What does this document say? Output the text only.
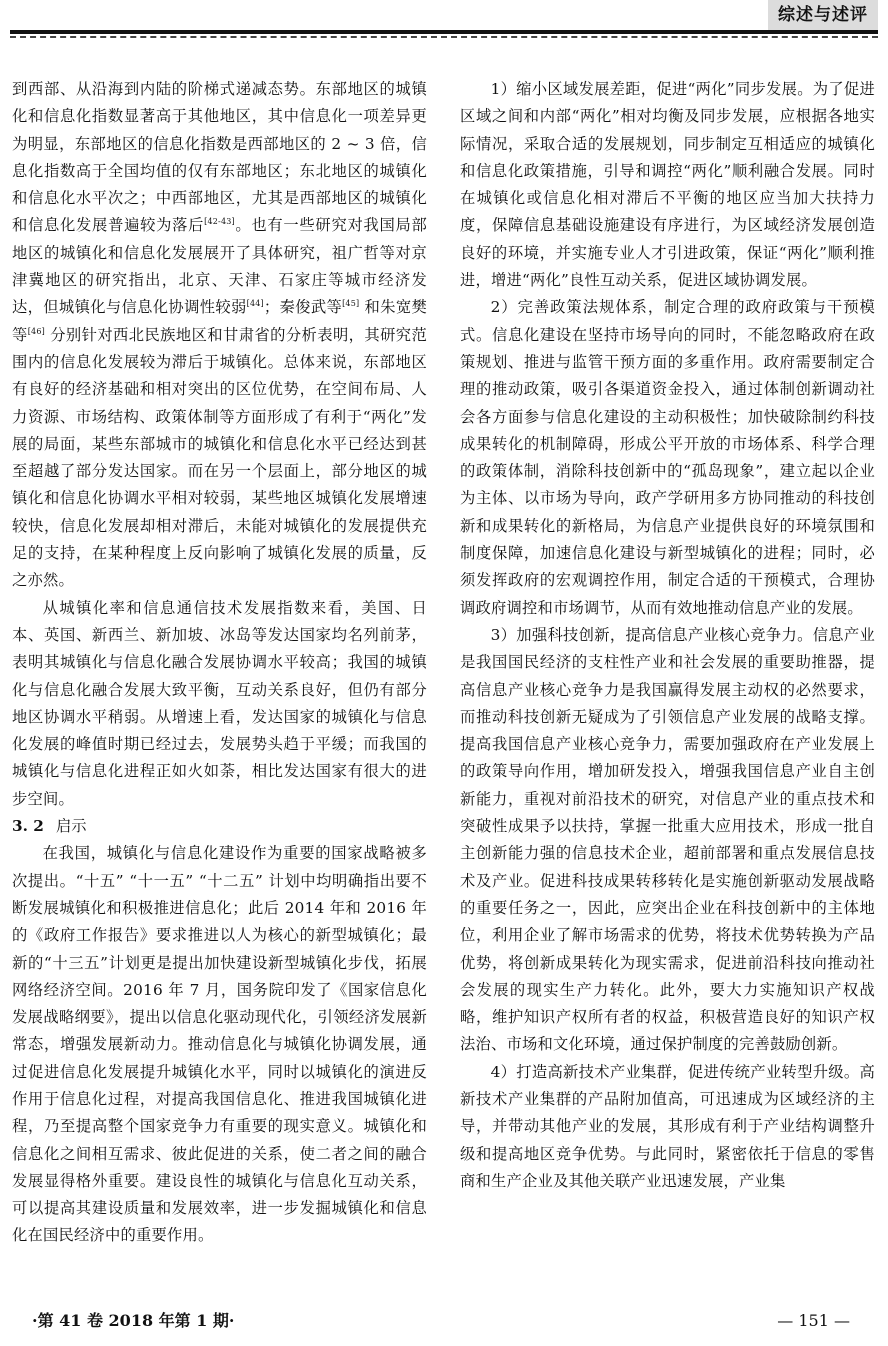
综述与述评

到西部、从沿海到内陆的阶梯式递减态势。东部地区的城镇化和信息化指数显著高于其他地区，其中信息化一项差异更为明显，东部地区的信息化指数是西部地区的 2 ~ 3 倍，信息化指数高于全国均值的仅有东部地区；东北地区的城镇化和信息化水平次之；中西部地区，尤其是西部地区的城镇化和信息化发展普遍较为落后[42-43]。也有一些研究对我国局部地区的城镇化和信息化发展展开了具体研究，祖广哲等对京津冀地区的研究指出，北京、天津、石家庄等城市经济发达，但城镇化与信息化协调性较弱[44]；秦俊武等[45] 和朱宽樊等[46] 分别针对西北民族地区和甘肃省的分析表明，其研究范围内的信息化发展较为滞后于城镇化。总体来说，东部地区有良好的经济基础和相对突出的区位优势，在空间布局、人力资源、市场结构、政策体制等方面形成了有利于“两化”发展的局面，某些东部城市的城镇化和信息化水平已经达到甚至超越了部分发达国家。而在另一个层面上，部分地区的城镇化和信息化协调水平相对较弱，某些地区城镇化发展增速较快，信息化发展却相对滞后，未能对城镇化的发展提供充足的支持，在某种程度上反向影响了城镇化发展的质量，反之亦然。

从城镇化率和信息通信技术发展指数来看，美国、日本、英国、新西兰、新加坡、冰岛等发达国家均名列前茅，表明其城镇化与信息化融合发展协调水平较高；我国的城镇化与信息化融合发展大致平衡，互动关系良好，但仍有部分地区协调水平稍弱。从增速上看，发达国家的城镇化与信息化发展的峰值时期已经过去，发展势头趋于平缓；而我国的城镇化与信息化进程正如火如荼，相比发达国家有很大的进步空间。

3. 2 启示

在我国，城镇化与信息化建设作为重要的国家战略被多次提出。“十五” “十一五” “十二五” 计划中均明确指出要不断发展城镇化和积极推进信息化；此后 2014 年和 2016 年的《政府工作报告》要求推进以人为核心的新型城镇化；最新的“十三五”计划更是提出加快建设新型城镇化步伐，拓展网络经济空间。2016 年 7 月，国务院印发了《国家信息化发展战略纲要》，提出以信息化驱动现代化，引领经济发展新常态，增强发展新动力。推动信息化与城镇化协调发展，通过促进信息化发展提升城镇化水平，同时以城镇化的演进反作用于信息化过程，对提高我国信息化、推进我国城镇化进程，乃至提高整个国家竞争力有重要的现实意义。城镇化和信息化之间相互需求、彼此促进的关系，使二者之间的融合发展显得格外重要。建设良性的城镇化与信息化互动关系，可以提高其建设质量和发展效率，进一步发掘城镇化和信息化在国民经济中的重要作用。

1）缩小区域发展差距，促进“两化”同步发展。为了促进区域之间和内部“两化”相对均衡及同步发展，应根据各地实际情况，采取合适的发展规划，同步制定互相适应的城镇化和信息化政策措施，引导和调控“两化”顺利融合发展。同时在城镇化或信息化相对滞后不平衡的地区应当加大扶持力度，保障信息基础设施建设有序进行，为区域经济发展创造良好的环境，并实施专业人才引进政策，保证“两化”顺利推进，增进“两化”良性互动关系，促进区域协调发展。

2）完善政策法规体系，制定合理的政府政策与干预模式。信息化建设在坚持市场导向的同时，不能忽略政府在政策规划、推进与监管干预方面的多重作用。政府需要制定合理的推动政策，吸引各渠道资金投入，通过体制创新调动社会各方面参与信息化建设的主动积极性；加快破除制约科技成果转化的机制障碍，形成公平开放的市场体系、科学合理的政策体制，消除科技创新中的“孤岛现象”，建立起以企业为主体、以市场为导向，政产学研用多方协同推动的科技创新和成果转化的新格局，为信息产业提供良好的环境氛围和制度保障，加速信息化建设与新型城镇化的进程；同时，必须发挥政府的宏观调控作用，制定合适的干预模式，合理协调政府调控和市场调节，从而有效地推动信息产业的发展。

3）加强科技创新，提高信息产业核心竞争力。信息产业是我国国民经济的支柱性产业和社会发展的重要助推器，提高信息产业核心竞争力是我国赢得发展主动权的必然要求，而推动科技创新无疑成为了引领信息产业发展的战略支撑。提高我国信息产业核心竞争力，需要加强政府在产业发展上的政策导向作用，增加研发投入，增强我国信息产业自主创新能力，重视对前沿技术的研究，对信息产业的重点技术和突破性成果予以扶持，掌握一批重大应用技术，形成一批自主创新能力强的信息技术企业，超前部署和重点发展信息技术及产业。促进科技成果转移转化是实施创新驱动发展战略的重要任务之一，因此，应突出企业在科技创新中的主体地位，利用企业了解市场需求的优势，将技术优势转换为产品优势，将创新成果转化为现实需求，促进前沿科技向推动社会发展的现实生产力转化。此外，要大力实施知识产权战略，维护知识产权所有者的权益，积极营造良好的知识产权法治、市场和文化环境，通过保护制度的完善鼓励创新。

4）打造高新技术产业集群，促进传统产业转型升级。高新技术产业集群的产品附加值高，可迅速成为区域经济的主导，并带动其他产业的发展，其形成有利于产业结构调整升级和提高地区竞争优势。与此同时，紧密依托于信息的零售商和生产企业及其他关联产业迅速发展，产业集

·第 41 卷 2018 年第 1 期·	— 151 —
